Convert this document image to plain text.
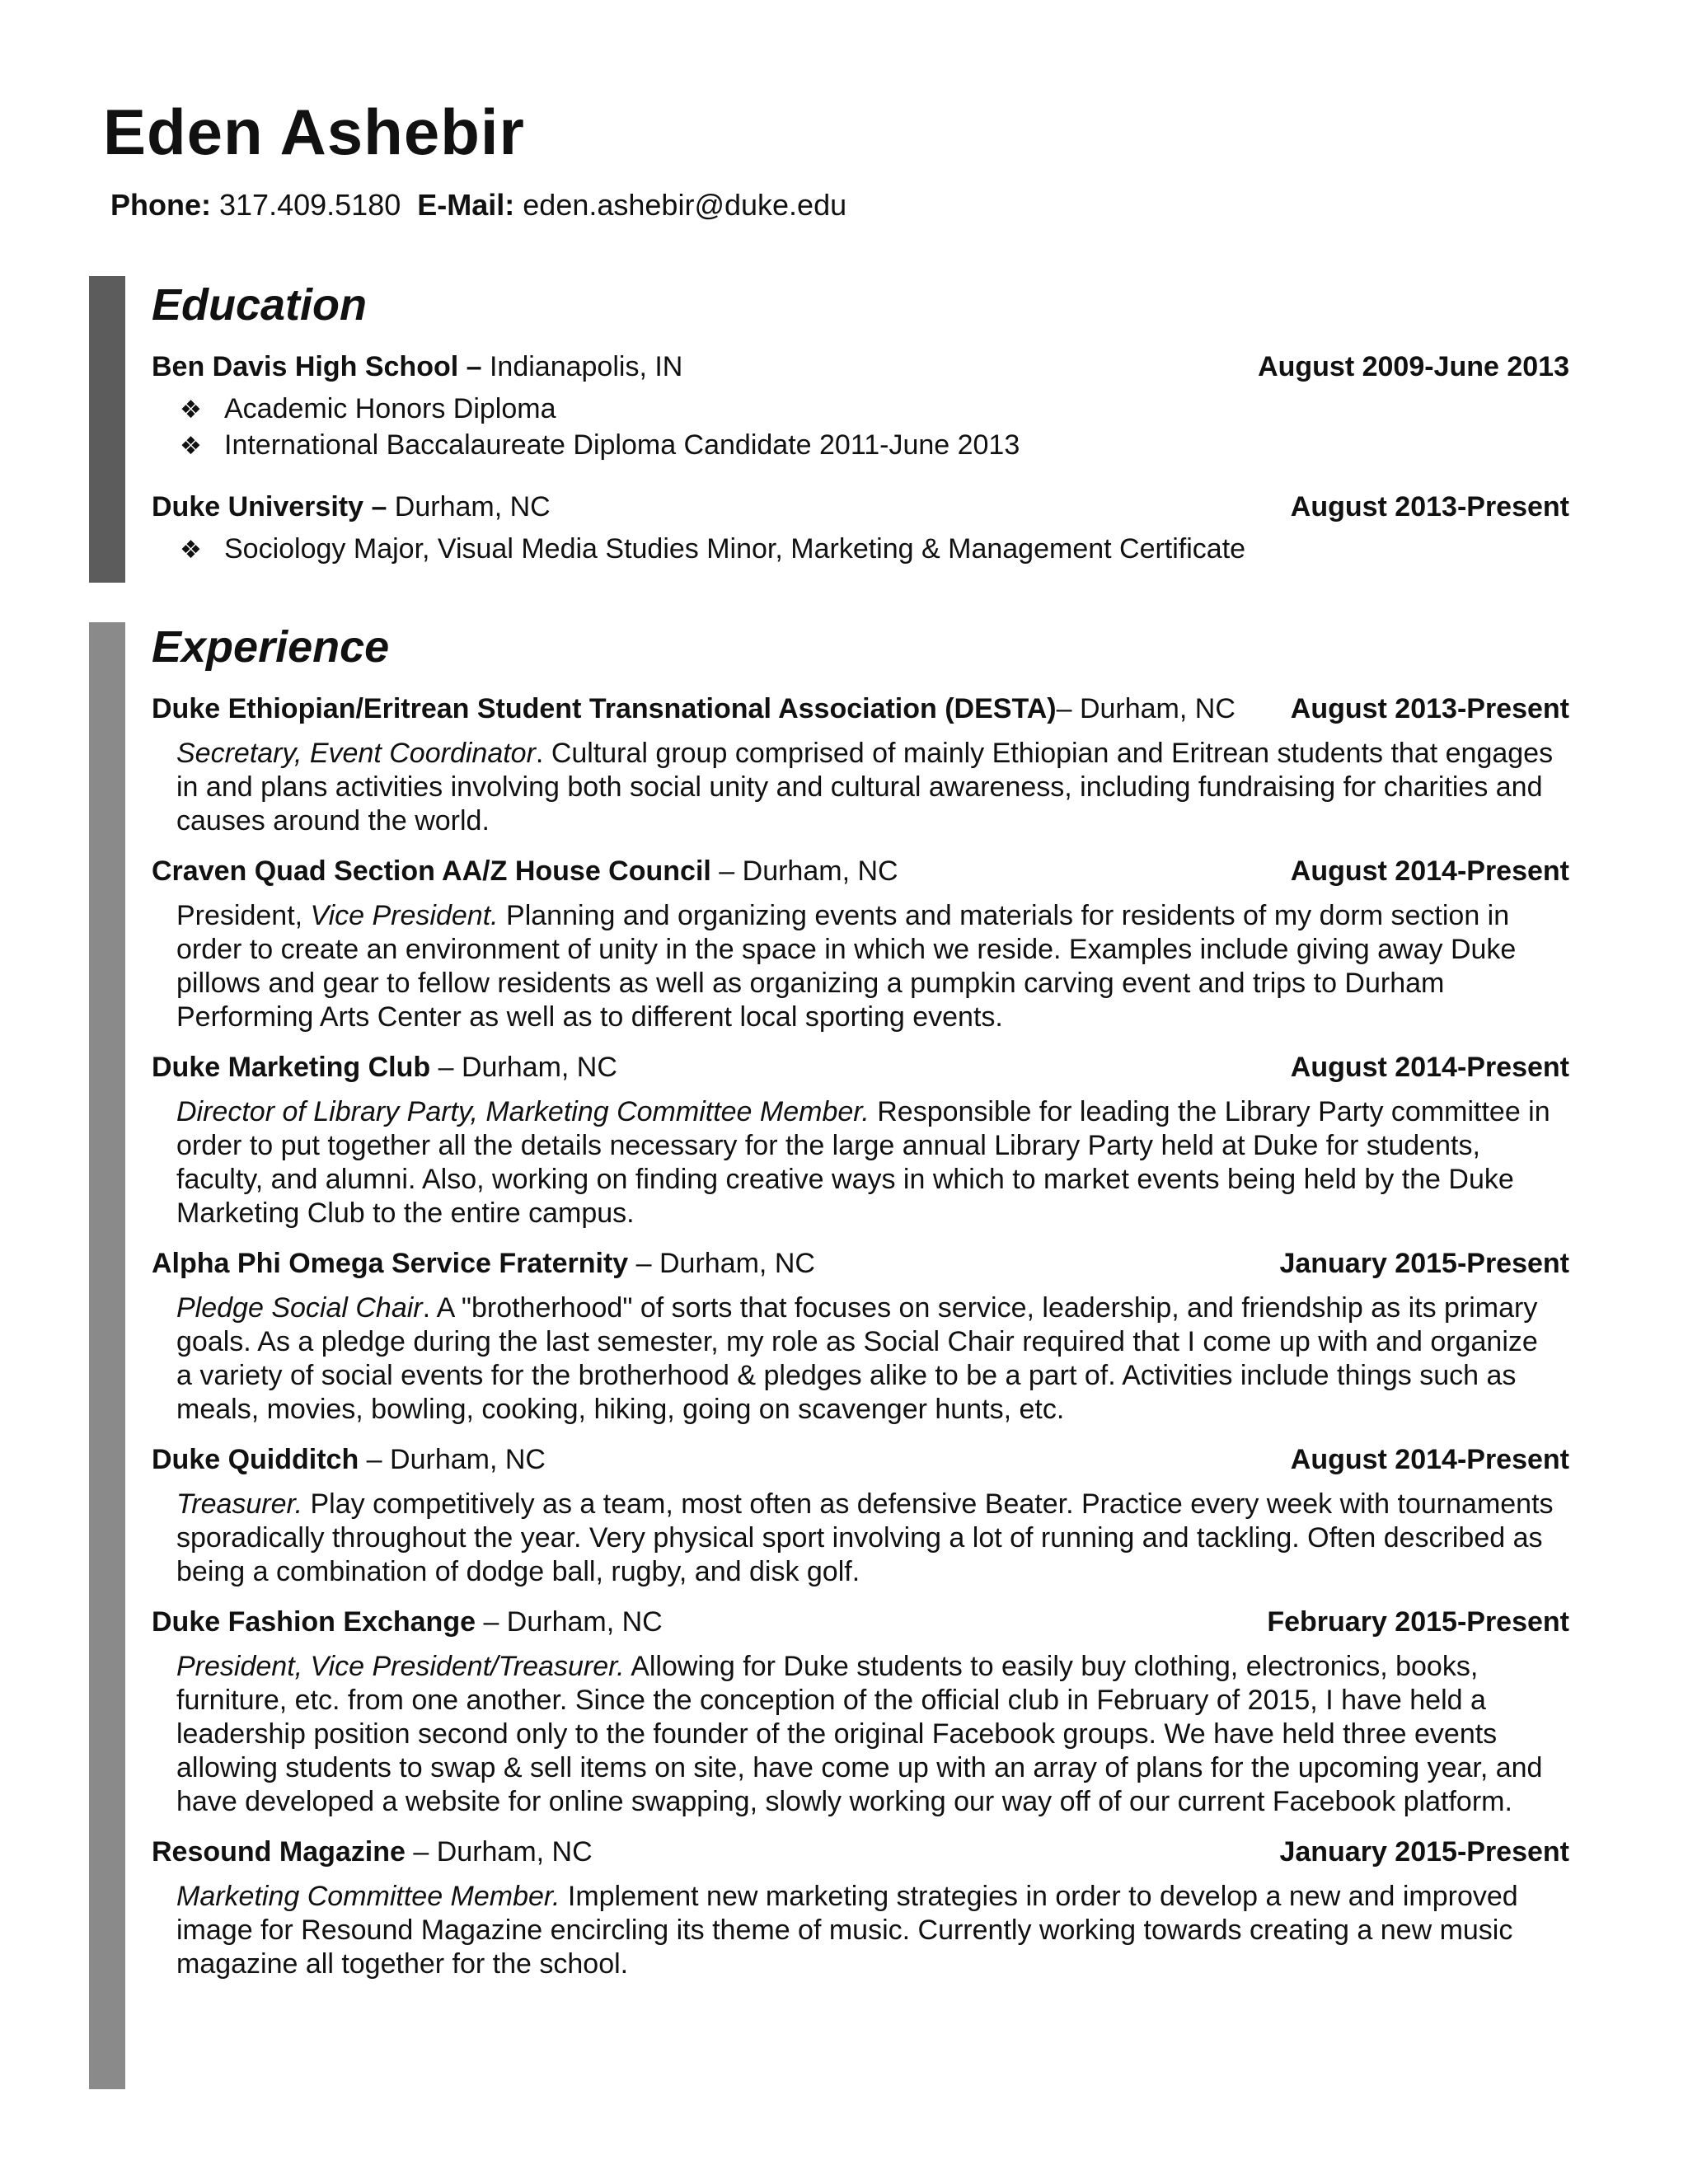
Eden Ashebir
Phone: 317.409.5180 E-Mail: eden.ashebir@duke.edu
Education
Ben Davis High School – Indianapolis, IN	August 2009-June 2013
❖ Academic Honors Diploma
❖ International Baccalaureate Diploma Candidate 2011-June 2013
Duke University – Durham, NC	August 2013-Present
❖ Sociology Major, Visual Media Studies Minor, Marketing & Management Certificate
Experience
Duke Ethiopian/Eritrean Student Transnational Association (DESTA)– Durham, NC August 2013-Present

Secretary, Event Coordinator. Cultural group comprised of mainly Ethiopian and Eritrean students that engages in and plans activities involving both social unity and cultural awareness, including fundraising for charities and causes around the world.

Craven Quad Section AA/Z House Council – Durham, NC	August 2014-Present

President, Vice President. Planning and organizing events and materials for residents of my dorm section in order to create an environment of unity in the space in which we reside. Examples include giving away Duke pillows and gear to fellow residents as well as organizing a pumpkin carving event and trips to Durham Performing Arts Center as well as to different local sporting events.

Duke Marketing Club – Durham, NC	August 2014-Present

Director of Library Party, Marketing Committee Member. Responsible for leading the Library Party committee in order to put together all the details necessary for the large annual Library Party held at Duke for students, faculty, and alumni. Also, working on finding creative ways in which to market events being held by the Duke Marketing Club to the entire campus.

Alpha Phi Omega Service Fraternity – Durham, NC	January 2015-Present

Pledge Social Chair. A "brotherhood" of sorts that focuses on service, leadership, and friendship as its primary goals. As a pledge during the last semester, my role as Social Chair required that I come up with and organize a variety of social events for the brotherhood & pledges alike to be a part of. Activities include things such as meals, movies, bowling, cooking, hiking, going on scavenger hunts, etc.

Duke Quidditch – Durham, NC	August 2014-Present

Treasurer. Play competitively as a team, most often as defensive Beater. Practice every week with tournaments sporadically throughout the year. Very physical sport involving a lot of running and tackling. Often described as being a combination of dodge ball, rugby, and disk golf.

Duke Fashion Exchange – Durham, NC	February 2015-Present

President, Vice President/Treasurer. Allowing for Duke students to easily buy clothing, electronics, books, furniture, etc. from one another. Since the conception of the official club in February of 2015, I have held a leadership position second only to the founder of the original Facebook groups. We have held three events allowing students to swap & sell items on site, have come up with an array of plans for the upcoming year, and have developed a website for online swapping, slowly working our way off of our current Facebook platform.

Resound Magazine – Durham, NC	January 2015-Present

Marketing Committee Member. Implement new marketing strategies in order to develop a new and improved image for Resound Magazine encircling its theme of music. Currently working towards creating a new music magazine all together for the school.
